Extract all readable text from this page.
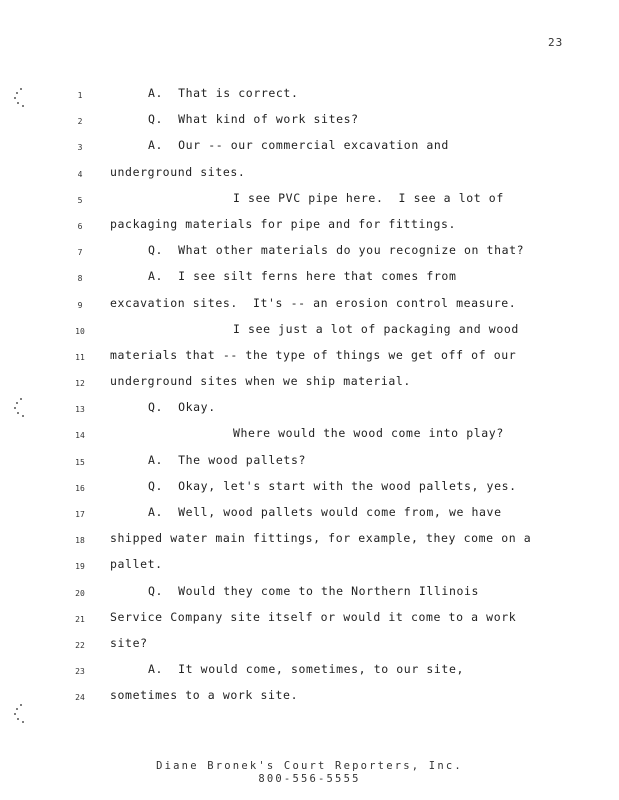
23
1	A.  That is correct.
2	Q.  What kind of work sites?
3	A.  Our -- our commercial excavation and
4	underground sites.
5	I see PVC pipe here.  I see a lot of
6	packaging materials for pipe and for fittings.
7	Q.  What other materials do you recognize on that?
8	A.  I see silt ferns here that comes from
9	excavation sites.  It's -- an erosion control measure.
10	I see just a lot of packaging and wood
11	materials that -- the type of things we get off of our
12	underground sites when we ship material.
13	Q.  Okay.
14	Where would the wood come into play?
15	A.  The wood pallets?
16	Q.  Okay, let's start with the wood pallets, yes.
17	A.  Well, wood pallets would come from, we have
18	shipped water main fittings, for example, they come on a
19	pallet.
20	Q.  Would they come to the Northern Illinois
21	Service Company site itself or would it come to a work
22	site?
23	A.  It would come, sometimes, to our site,
24	sometimes to a work site.
Diane Bronek's Court Reporters, Inc.
800-556-5555
